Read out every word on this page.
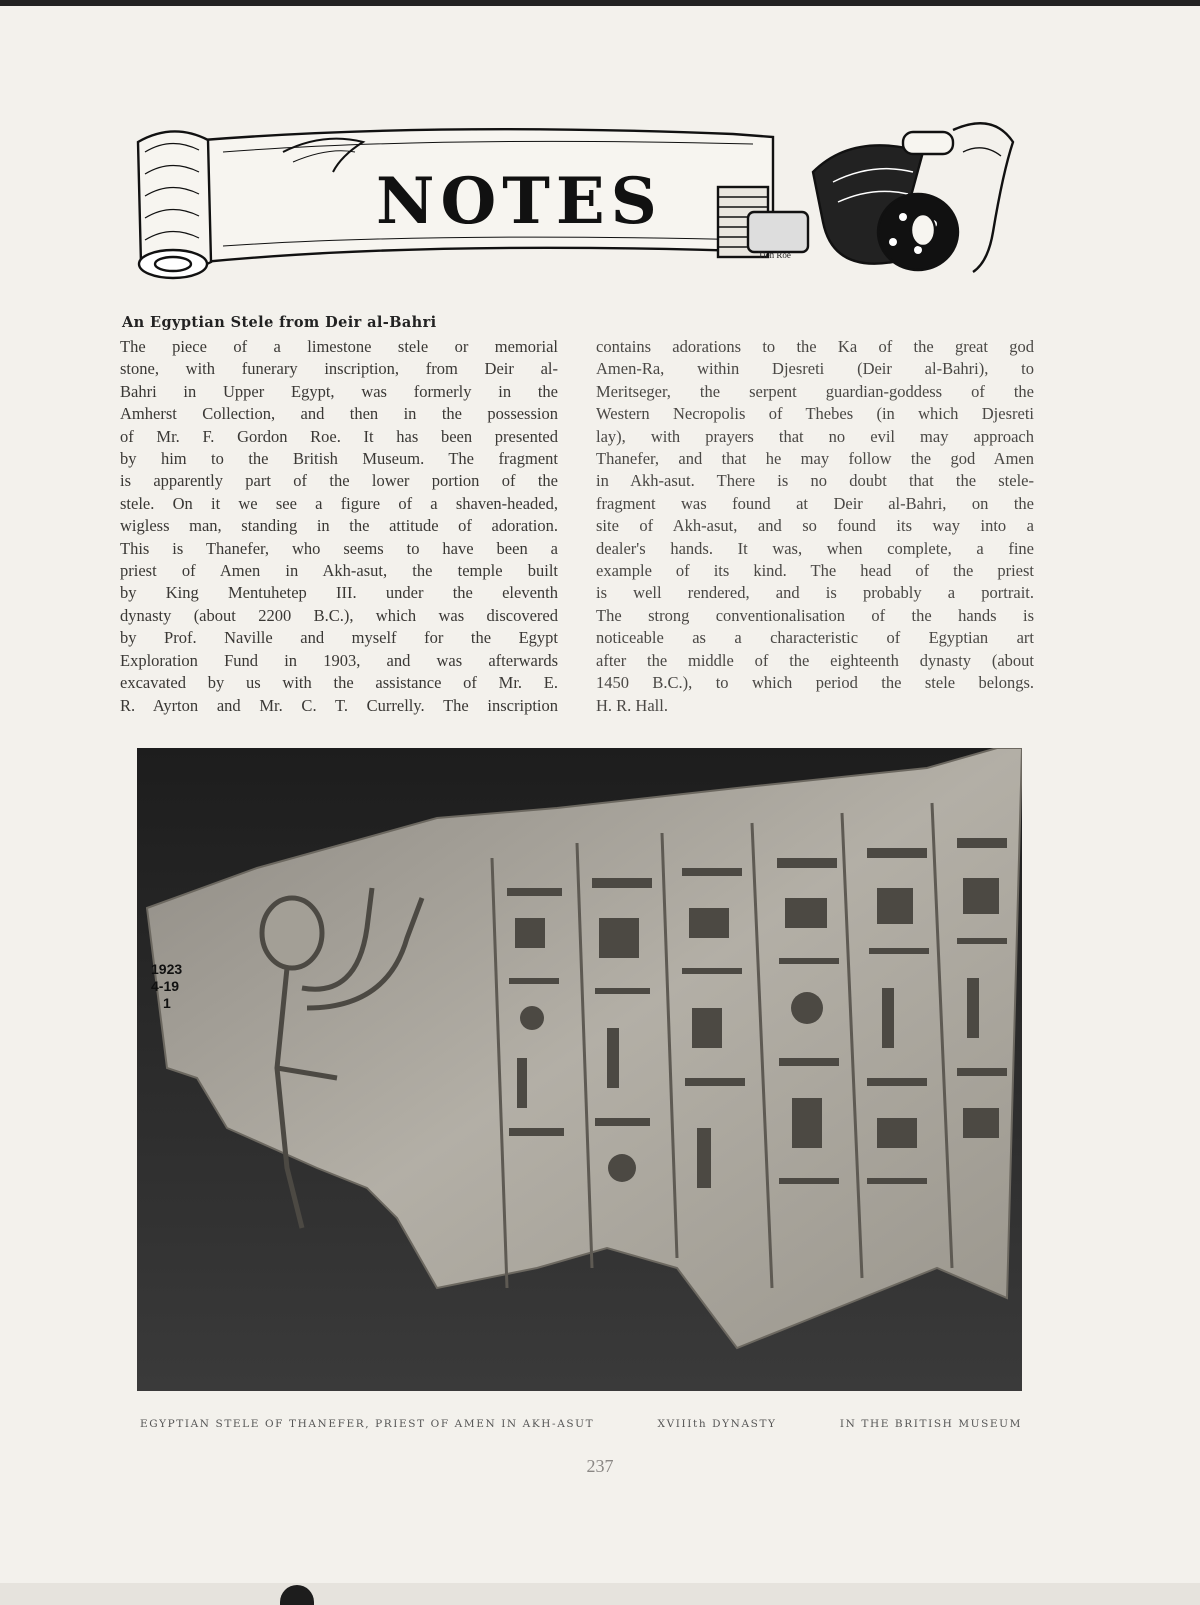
Tien Roe
NOTES
An Egyptian Stele from Deir al-Bahri
The piece of a limestone stele or memorial
stone, with funerary inscription, from Deir al-
Bahri in Upper Egypt, was formerly in the
Amherst Collection, and then in the possession
of Mr. F. Gordon Roe. It has been presented
by him to the British Museum. The fragment
is apparently part of the lower portion of the
stele. On it we see a figure of a shaven-headed,
wigless man, standing in the attitude of adoration.
This is Thanefer, who seems to have been a
priest of Amen in Akh-asut, the temple built
by King Mentuhetep III. under the eleventh
dynasty (about 2200 B.C.), which was discovered
by Prof. Naville and myself for the Egypt
Exploration Fund in 1903, and was afterwards
excavated by us with the assistance of Mr. E.
R. Ayrton and Mr. C. T. Currelly. The inscription
contains adorations to the Ka of the great god
Amen-Ra, within Djesreti (Deir al-Bahri), to
Meritseger, the serpent guardian-goddess of the
Western Necropolis of Thebes (in which Djesreti
lay), with prayers that no evil may approach
Thanefer, and that he may follow the god Amen
in Akh-asut. There is no doubt that the stele-
fragment was found at Deir al-Bahri, on the
site of Akh-asut, and so found its way into a
dealer's hands. It was, when complete, a fine
example of its kind. The head of the priest
is well rendered, and is probably a portrait.
The strong conventionalisation of the hands is
noticeable as a characteristic of Egyptian art
after the middle of the eighteenth dynasty (about
1450 B.C.), to which period the stele belongs.
H. R. Hall.
1923
4-19
1
EGYPTIAN STELE OF THANEFER, PRIEST OF AMEN IN AKH-ASUT	XVIIIth DYNASTY	IN THE BRITISH MUSEUM
237
